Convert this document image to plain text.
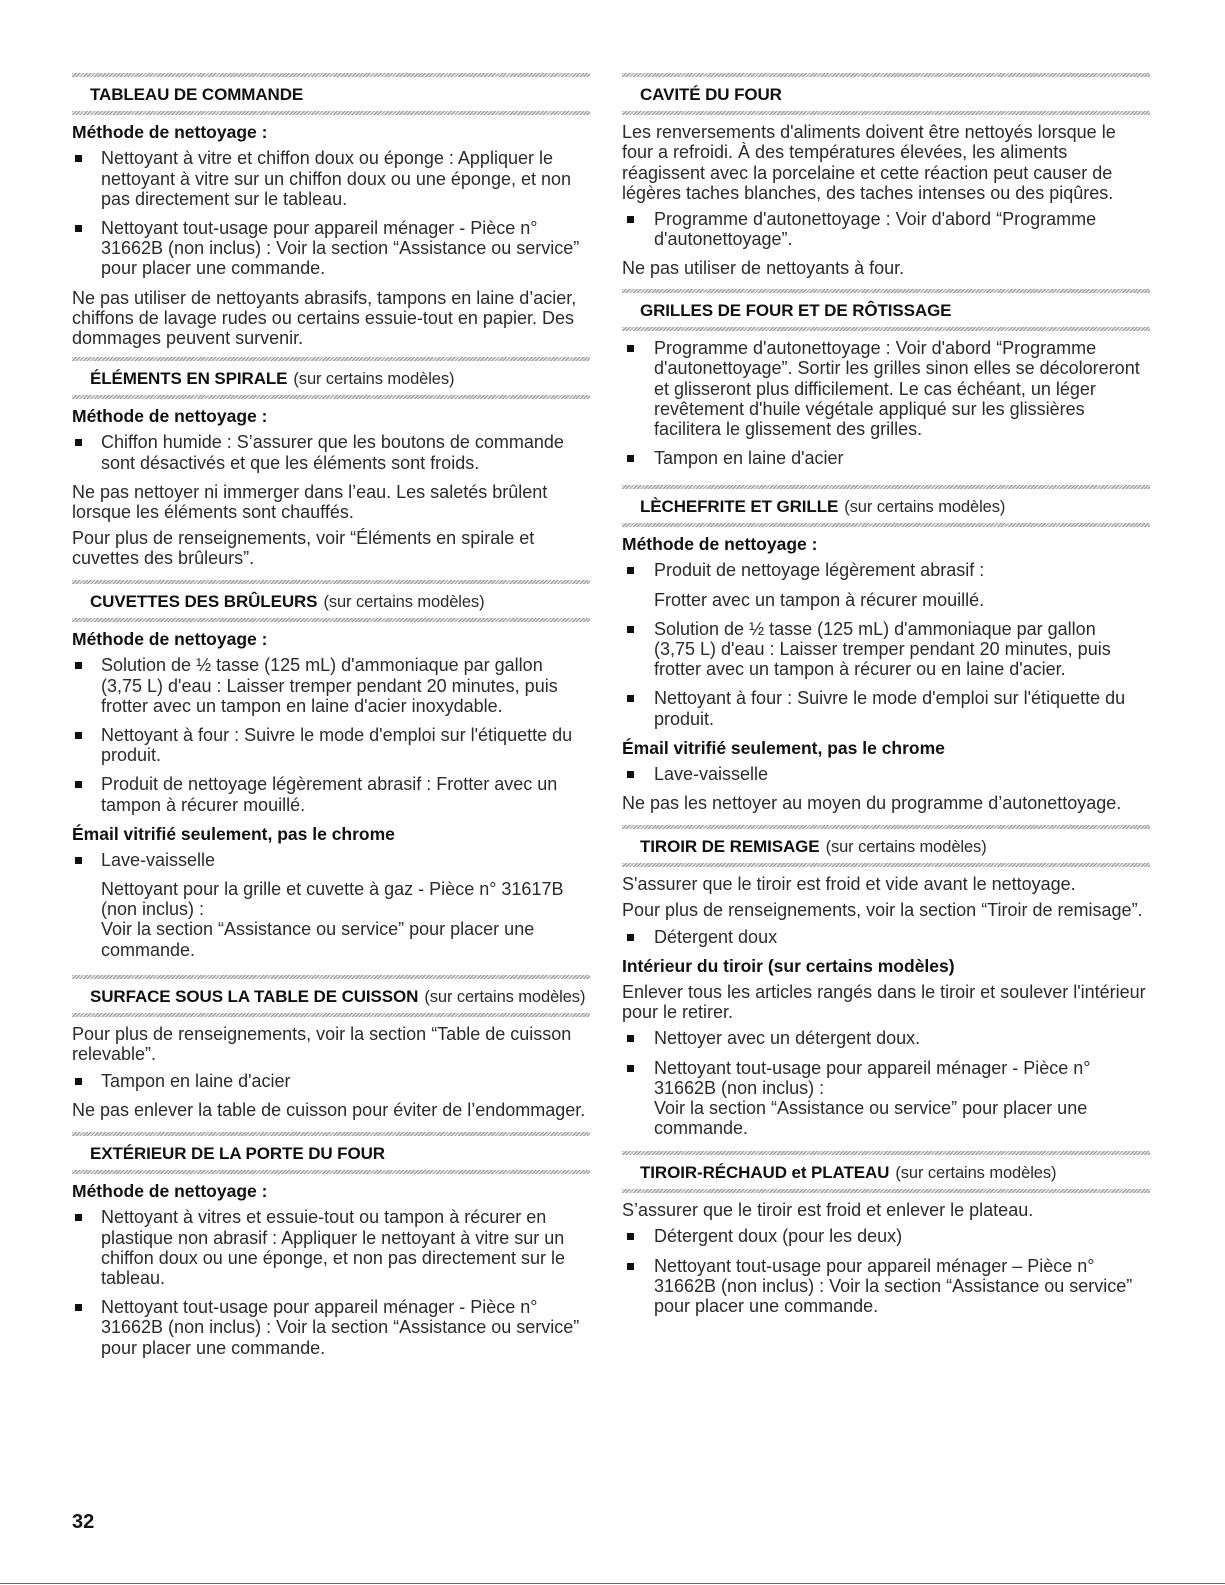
TABLEAU DE COMMANDE
Méthode de nettoyage :
Nettoyant à vitre et chiffon doux ou éponge : Appliquer le
nettoyant à vitre sur un chiffon doux ou une éponge, et non
pas directement sur le tableau.
Nettoyant tout-usage pour appareil ménager - Pièce n°
31662B (non inclus) : Voir la section “Assistance ou service”
pour placer une commande.
Ne pas utiliser de nettoyants abrasifs, tampons en laine d’acier,
chiffons de lavage rudes ou certains essuie-tout en papier. Des
dommages peuvent survenir.
ÉLÉMENTS EN SPIRALE (sur certains modèles)
Méthode de nettoyage :
Chiffon humide : S’assurer que les boutons de commande
sont désactivés et que les éléments sont froids.
Ne pas nettoyer ni immerger dans l’eau. Les saletés brûlent
lorsque les éléments sont chauffés.
Pour plus de renseignements, voir “Éléments en spirale et
cuvettes des brûleurs”.
CUVETTES DES BRÛLEURS (sur certains modèles)
Méthode de nettoyage :
Solution de ½ tasse (125 mL) d'ammoniaque par gallon
(3,75 L) d'eau : Laisser tremper pendant 20 minutes, puis
frotter avec un tampon en laine d'acier inoxydable.
Nettoyant à four : Suivre le mode d'emploi sur l'étiquette du
produit.
Produit de nettoyage légèrement abrasif : Frotter avec un
tampon à récurer mouillé.
Émail vitrifié seulement, pas le chrome
Lave-vaisselle
Nettoyant pour la grille et cuvette à gaz - Pièce n° 31617B
(non inclus) :
Voir la section “Assistance ou service” pour placer une
commande.
SURFACE SOUS LA TABLE DE CUISSON (sur certains modèles)
Pour plus de renseignements, voir la section “Table de cuisson
relevable”.
Tampon en laine d'acier
Ne pas enlever la table de cuisson pour éviter de l’endommager.
EXTÉRIEUR DE LA PORTE DU FOUR
Méthode de nettoyage :
Nettoyant à vitres et essuie-tout ou tampon à récurer en
plastique non abrasif : Appliquer le nettoyant à vitre sur un
chiffon doux ou une éponge, et non pas directement sur le
tableau.
Nettoyant tout-usage pour appareil ménager - Pièce n°
31662B (non inclus) : Voir la section “Assistance ou service”
pour placer une commande.
CAVITÉ DU FOUR
Les renversements d'aliments doivent être nettoyés lorsque le
four a refroidi. À des températures élevées, les aliments
réagissent avec la porcelaine et cette réaction peut causer de
légères taches blanches, des taches intenses ou des piqûres.
Programme d'autonettoyage : Voir d'abord “Programme
d'autonettoyage”.
Ne pas utiliser de nettoyants à four.
GRILLES DE FOUR ET DE RÔTISSAGE
Programme d'autonettoyage : Voir d'abord “Programme
d'autonettoyage”. Sortir les grilles sinon elles se décoloreront
et glisseront plus difficilement. Le cas échéant, un léger
revêtement d'huile végétale appliqué sur les glissières
facilitera le glissement des grilles.
Tampon en laine d'acier
LÈCHEFRITE ET GRILLE (sur certains modèles)
Méthode de nettoyage :
Produit de nettoyage légèrement abrasif :
Frotter avec un tampon à récurer mouillé.
Solution de ½ tasse (125 mL) d'ammoniaque par gallon
(3,75 L) d'eau : Laisser tremper pendant 20 minutes, puis
frotter avec un tampon à récurer ou en laine d'acier.
Nettoyant à four : Suivre le mode d'emploi sur l'étiquette du
produit.
Émail vitrifié seulement, pas le chrome
Lave-vaisselle
Ne pas les nettoyer au moyen du programme d’autonettoyage.
TIROIR DE REMISAGE (sur certains modèles)
S'assurer que le tiroir est froid et vide avant le nettoyage.
Pour plus de renseignements, voir la section “Tiroir de remisage”.
Détergent doux
Intérieur du tiroir (sur certains modèles)
Enlever tous les articles rangés dans le tiroir et soulever l'intérieur
pour le retirer.
Nettoyer avec un détergent doux.
Nettoyant tout-usage pour appareil ménager - Pièce n°
31662B (non inclus) :
Voir la section “Assistance ou service” pour placer une
commande.
TIROIR-RÉCHAUD et PLATEAU (sur certains modèles)
S’assurer que le tiroir est froid et enlever le plateau.
Détergent doux (pour les deux)
Nettoyant tout-usage pour appareil ménager – Pièce n°
31662B (non inclus) : Voir la section “Assistance ou service”
pour placer une commande.
32
